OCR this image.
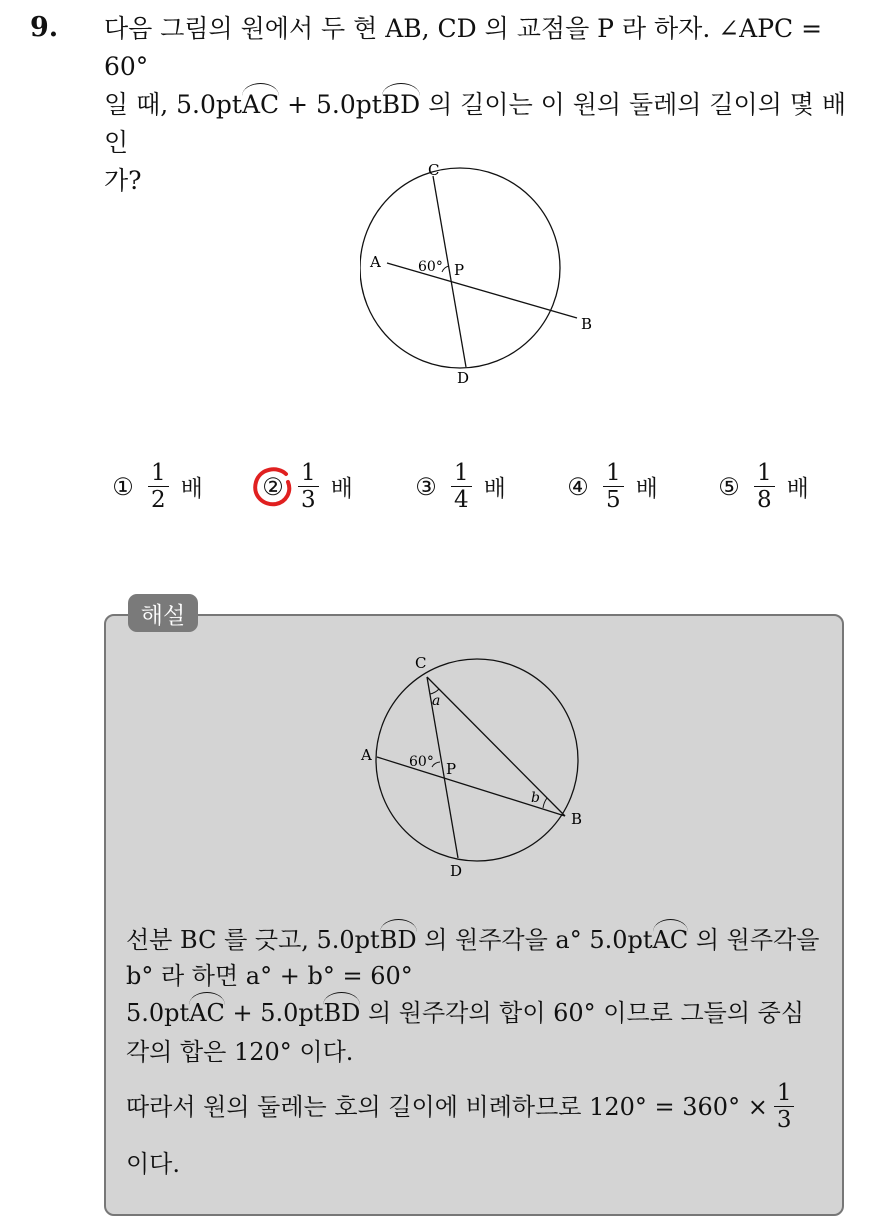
9. 다음 그림의 원에서 두 현 AB, CD 의 교점을 P 라 하자. ∠APC = 60°
일 때, 5.0pt
AC + 5.0pt
BD 의 길이는 이 원의 둘레의 길이의 몇 배인
가?	C
A
B
D
P
60°
① $\frac{1}{2}$ 배 ② $\frac{1}{3}$ 배	③ $\frac{1}{4}$ 배	④ $\frac{1}{5}$ 배	⑤ $\frac{1}{8}$ 배
해설
C
A
B
D
P
60°
a
b
선분 BC 를 긋고, 5.0pt
BD 의 원주각을 a° 5.0pt
AC 의 원주각을
b° 라 하면 a° + b° = 60°
5.0pt
AC + 5.0pt
BD 의 원주각의 합이 60° 이므로 그들의 중심
각의 합은 120° 이다.
따라서 원의 둘레는 호의 길이에 비례하므로 $120^\circ = 360^\circ \times \frac{1}{3}$
이다.
